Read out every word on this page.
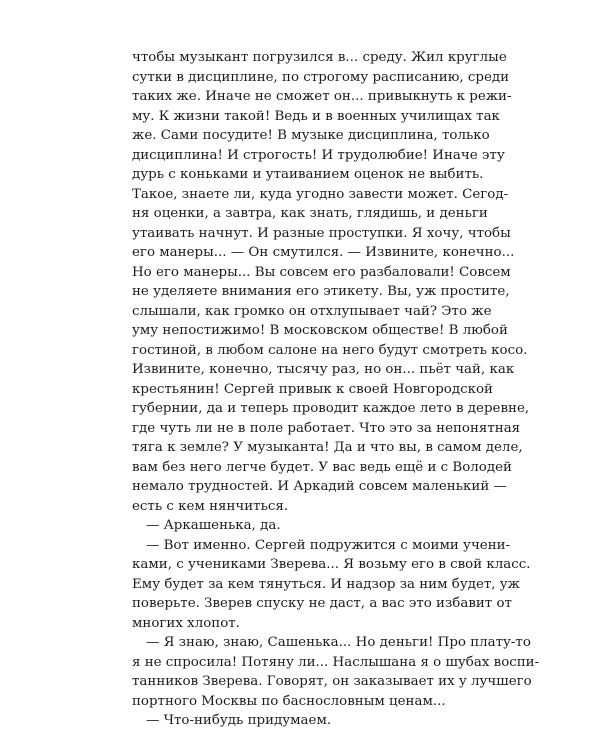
чтобы музыкант погрузился в... среду. Жил круглые
сутки в дисциплине, по строгому расписанию, среди
таких же. Иначе не сможет он... привыкнуть к режи-
му. К жизни такой! Ведь и в военных училищах так
же. Сами посудите! В музыке дисциплина, только
дисциплина! И строгость! И трудолюбие! Иначе эту
дурь с коньками и утаиванием оценок не выбить.
Такое, знаете ли, куда угодно завести может. Сегод-
ня оценки, а завтра, как знать, глядишь, и деньги
утаивать начнут. И разные проступки. Я хочу, чтобы
его манеры... — Он смутился. — Извините, конечно...
Но его манеры... Вы совсем его разбаловали! Совсем
не уделяете внимания его этикету. Вы, уж простите,
слышали, как громко он отхлупывает чай? Это же
уму непостижимо! В московском обществе! В любой
гостиной, в любом салоне на него будут смотреть косо.
Извините, конечно, тысячу раз, но он... пьёт чай, как
крестьянин! Сергей привык к своей Новгородской
губернии, да и теперь проводит каждое лето в деревне,
где чуть ли не в поле работает. Что это за непонятная
тяга к земле? У музыканта! Да и что вы, в самом деле,
вам без него легче будет. У вас ведь ещё и с Володей
немало трудностей. И Аркадий совсем маленький —
есть с кем нянчиться.
— Аркашенька, да.
— Вот именно. Сергей подружится с моими учени-
ками, с учениками Зверева... Я возьму его в свой класс.
Ему будет за кем тянуться. И надзор за ним будет, уж
поверьте. Зверев спуску не даст, а вас это избавит от
многих хлопот.
— Я знаю, знаю, Сашенька... Но деньги! Про плату-то
я не спросила! Потяну ли... Наслышана я о шубах воспи-
танников Зверева. Говорят, он заказывает их у лучшего
портного Москвы по баснословным ценам...
— Что-нибудь придумаем.
